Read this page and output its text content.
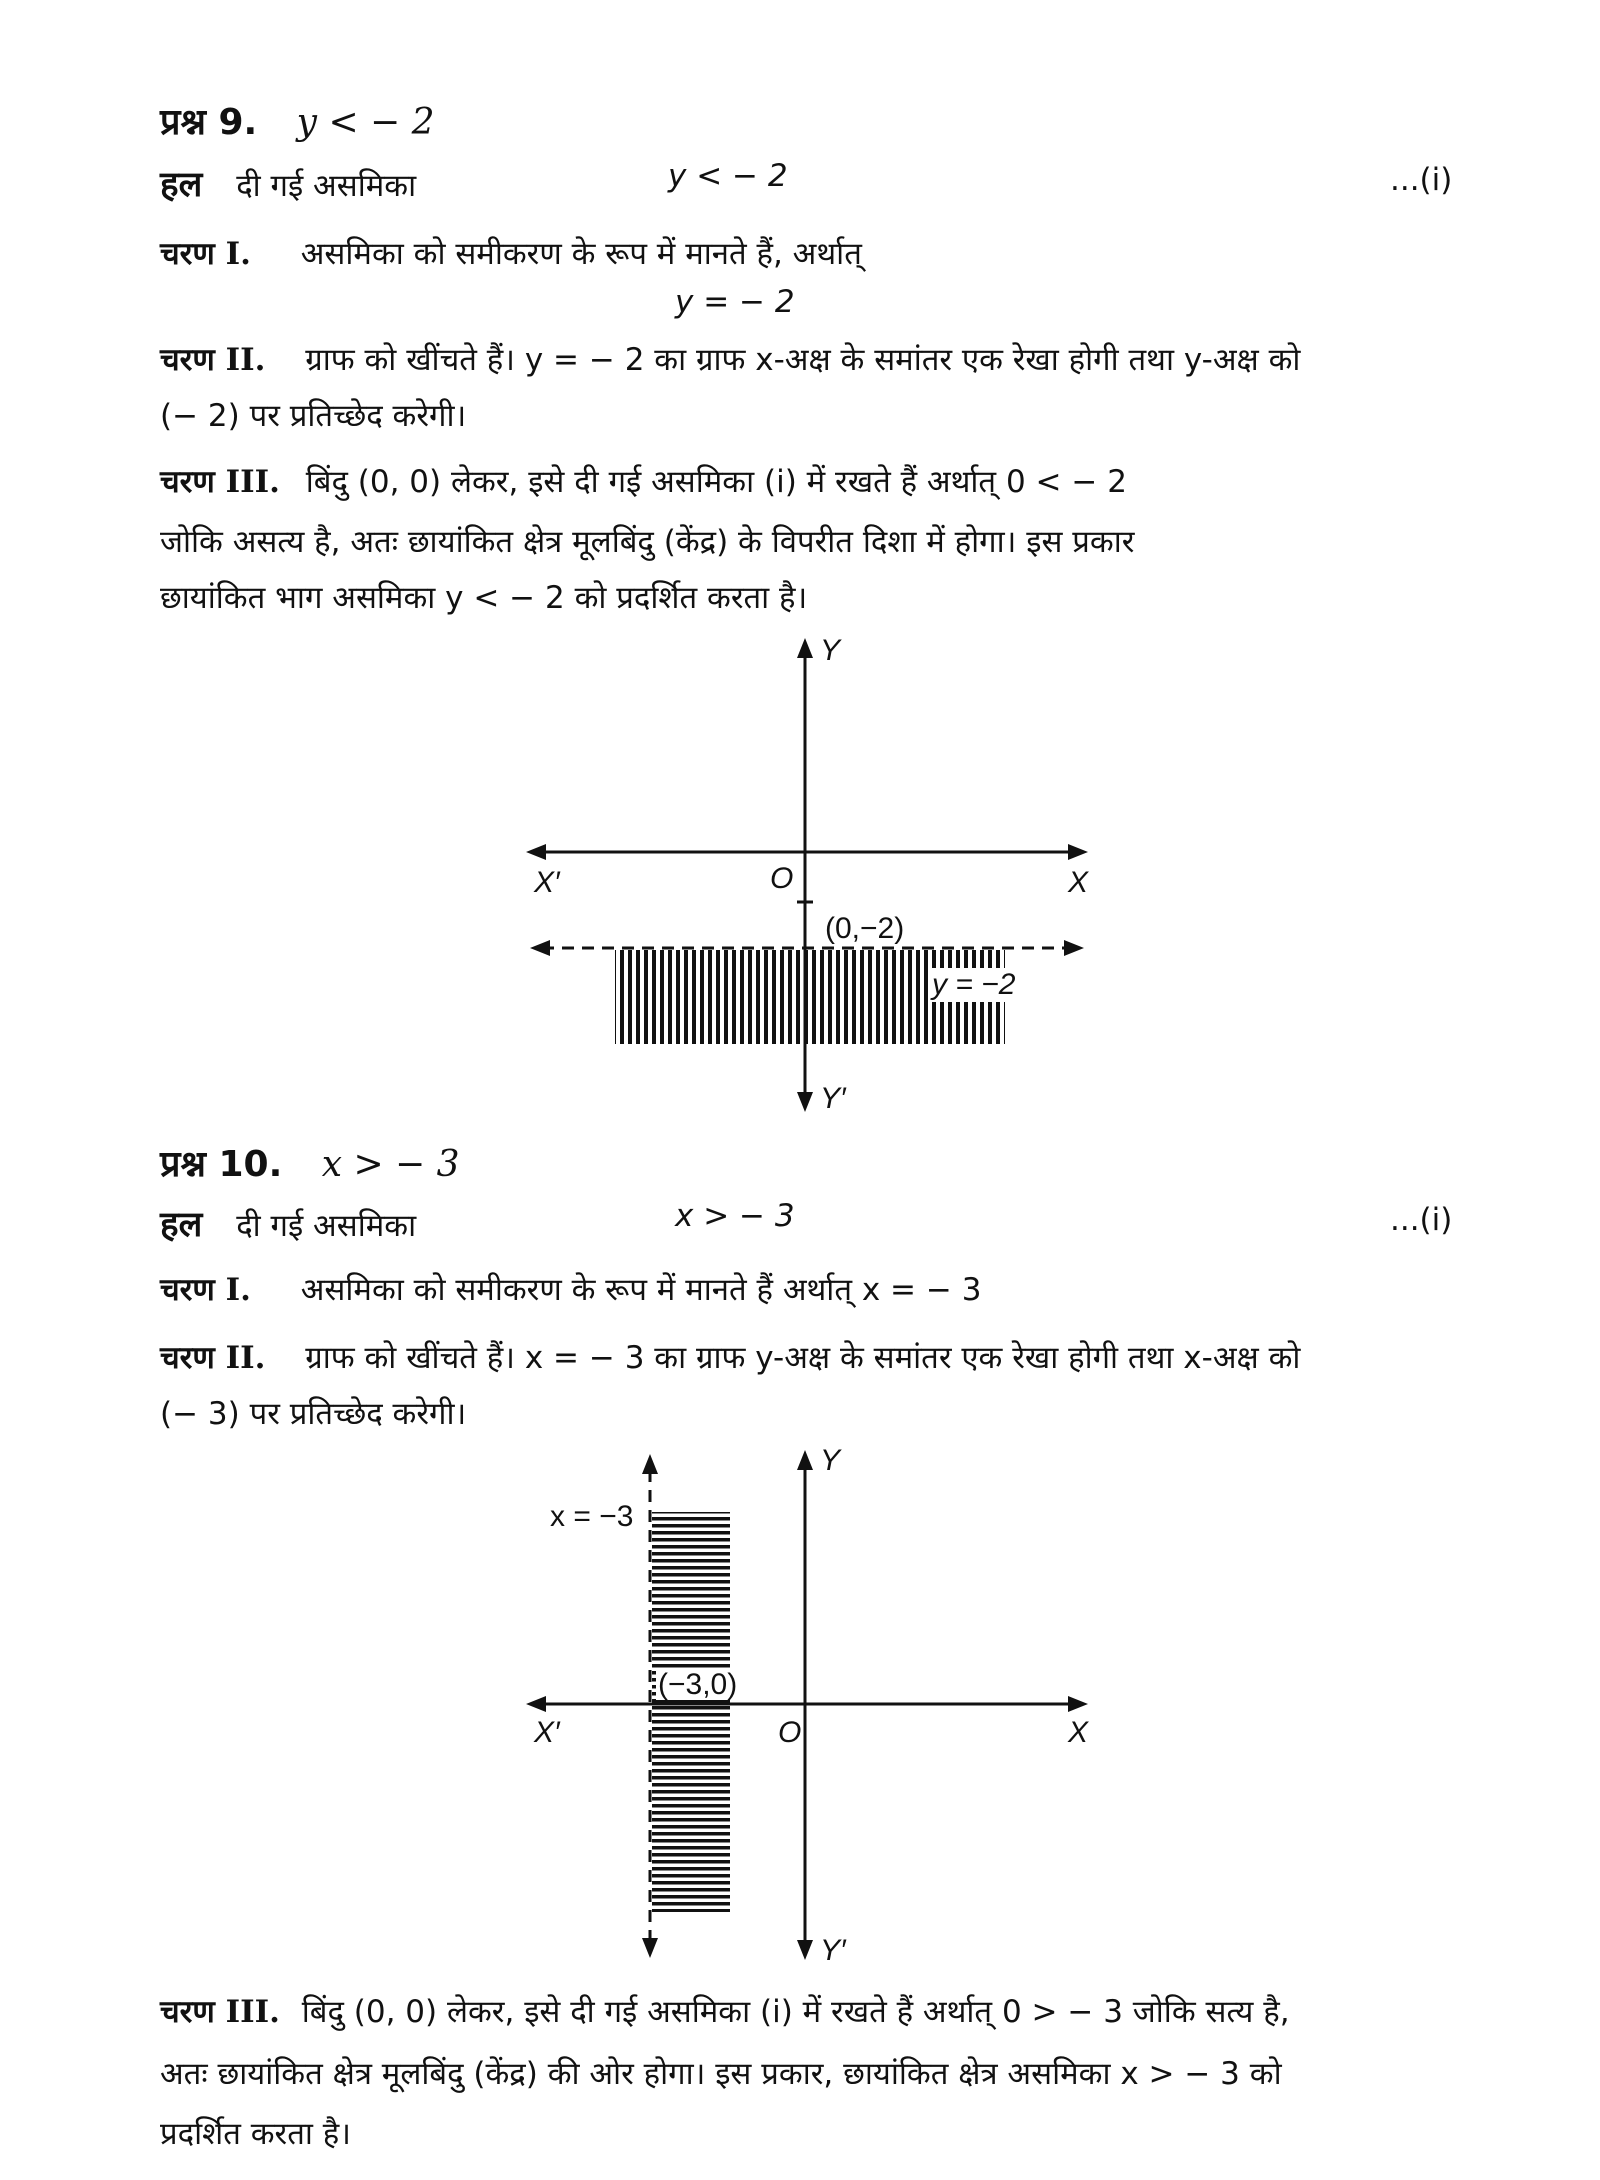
प्रश्न 9. y < − 2
हल दी गई असमिका	y < − 2	...(i)
चरण I. असमिका को समीकरण के रूप में मानते हैं, अर्थात्
y = − 2
चरण II. ग्राफ को खींचते हैं। y = − 2 का ग्राफ x-अक्ष के समांतर एक रेखा होगी तथा y-अक्ष को
(− 2) पर प्रतिच्छेद करेगी।
चरण III. बिंदु (0, 0) लेकर, इसे दी गई असमिका (i) में रखते हैं अर्थात् 0 < − 2
जोकि असत्य है, अतः छायांकित क्षेत्र मूलबिंदु (केंद्र) के विपरीत दिशा में होगा। इस प्रकार
छायांकित भाग असमिका y < − 2 को प्रदर्शित करता है।
Y
Y′
X
X′	O
(0,−2)
y = −2
प्रश्न 10. x > − 3
हल दी गई असमिका	x > − 3	...(i)
चरण I. असमिका को समीकरण के रूप में मानते हैं अर्थात् x = − 3
चरण II. ग्राफ को खींचते हैं। x = − 3 का ग्राफ y-अक्ष के समांतर एक रेखा होगी तथा x-अक्ष को
(− 3) पर प्रतिच्छेद करेगी।
Y
Y′
X
X′	O
(−3,0)
x = −3
चरण III. बिंदु (0, 0) लेकर, इसे दी गई असमिका (i) में रखते हैं अर्थात् 0 > − 3 जोकि सत्य है,
अतः छायांकित क्षेत्र मूलबिंदु (केंद्र) की ओर होगा। इस प्रकार, छायांकित क्षेत्र असमिका x > − 3 को
प्रदर्शित करता है।
